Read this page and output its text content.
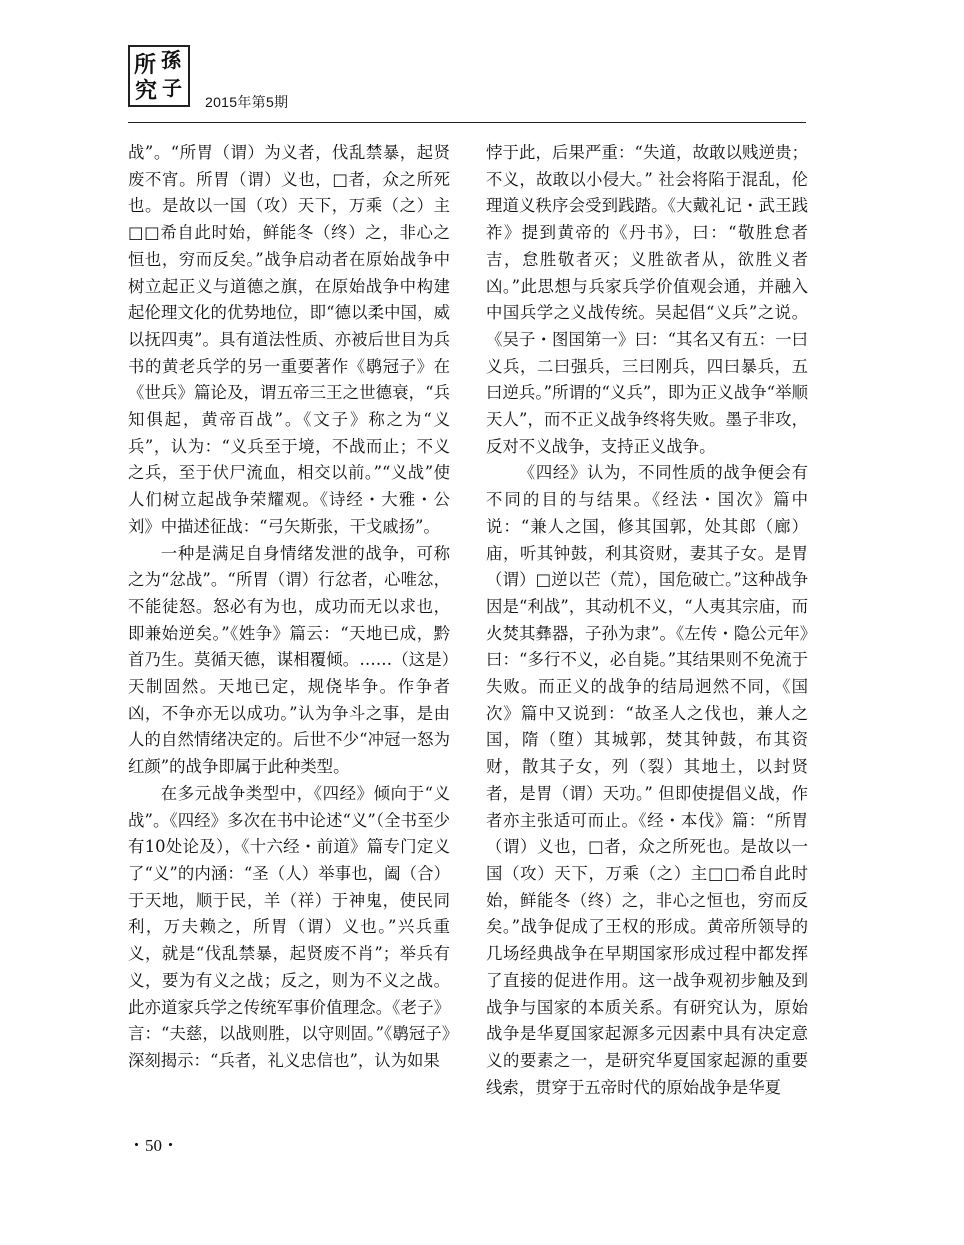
所 孫
究 子
2015年第5期

战”。“所胃（谓）为义者，伐乱禁暴，起贤废不宵。所胃（谓）义也，□者，众之所死也。是故以一国（攻）天下，万乘（之）主□□希自此时始，鲜能冬（终）之，非心之恒也，穷而反矣。”战争启动者在原始战争中树立起正义与道德之旗，在原始战争中构建起伦理文化的优势地位，即“德以柔中国，威以抚四夷”。具有道法性质、亦被后世目为兵书的黄老兵学的另一重要著作《鹖冠子》在《世兵》篇论及，谓五帝三王之世德衰，“兵知俱起，黄帝百战”。《文子》称之为“义兵”，认为：“义兵至于境，不战而止；不义之兵，至于伏尸流血，相交以前。”“义战”使人们树立起战争荣耀观。《诗经・大雅・公刘》中描述征战：“弓矢斯张，干戈戚扬”。

一种是满足自身情绪发泄的战争，可称之为“忿战”。“所胃（谓）行忿者，心唯忿，不能徒怒。怒必有为也，成功而无以求也，即兼始逆矣。”《姓争》篇云：“天地已成，黔首乃生。莫循天德，谋相覆倾。……（这是）天制固然。天地已定，规侥毕争。作争者凶，不争亦无以成功。”认为争斗之事，是由人的自然情绪决定的。后世不少“冲冠一怒为红颜”的战争即属于此种类型。

在多元战争类型中，《四经》倾向于“义战”。《四经》多次在书中论述“义”（全书至少有10处论及），《十六经・前道》篇专门定义了“义”的内涵：“圣（人）举事也，阖（合）于天地，顺于民，羊（祥）于神鬼，使民同利，万夫赖之，所胃（谓）义也。”兴兵重义，就是“伐乱禁暴，起贤废不肖”；举兵有义，要为有义之战；反之，则为不义之战。此亦道家兵学之传统军事价值理念。《老子》言：“夫慈，以战则胜，以守则固。”《鹖冠子》深刻揭示：“兵者，礼义忠信也”，认为如果

悖于此，后果严重：“失道，故敢以贱逆贵；不义，故敢以小侵大。” 社会将陷于混乱，伦理道义秩序会受到践踏。《大戴礼记・武王践祚》提到黄帝的《丹书》，曰：“敬胜怠者吉，怠胜敬者灭；义胜欲者从，欲胜义者凶。”此思想与兵家兵学价值观会通，并融入中国兵学之义战传统。吴起倡“义兵”之说。《吴子・图国第一》曰：“其名又有五：一曰义兵，二曰强兵，三曰刚兵，四曰暴兵，五曰逆兵。”所谓的“义兵”，即为正义战争“举顺天人”，而不正义战争终将失败。墨子非攻，反对不义战争，支持正义战争。

《四经》认为，不同性质的战争便会有不同的目的与结果。《经法・国次》篇中说：“兼人之国，修其国郭，处其郎（廊）庙，听其钟鼓，利其资财，妻其子女。是胃（谓）□逆以芒（荒），国危破亡。”这种战争因是“利战”，其动机不义，“人夷其宗庙，而火焚其彝器，子孙为隶”。《左传・隐公元年》曰：“多行不义，必自毙。”其结果则不免流于失败。而正义的战争的结局迥然不同，《国次》篇中又说到：“故圣人之伐也，兼人之国，隋（堕）其城郭，焚其钟鼓，布其资财，散其子女，列（裂）其地土，以封贤者，是胃（谓）天功。” 但即使提倡义战，作者亦主张适可而止。《经・本伐》篇：“所胃（谓）义也，□者，众之所死也。是故以一国（攻）天下，万乘（之）主□□希自此时始，鲜能冬（终）之，非心之恒也，穷而反矣。”战争促成了王权的形成。黄帝所领导的几场经典战争在早期国家形成过程中都发挥了直接的促进作用。这一战争观初步触及到战争与国家的本质关系。有研究认为，原始战争是华夏国家起源多元因素中具有决定意义的要素之一，是研究华夏国家起源的重要线索，贯穿于五帝时代的原始战争是华夏

・50・
